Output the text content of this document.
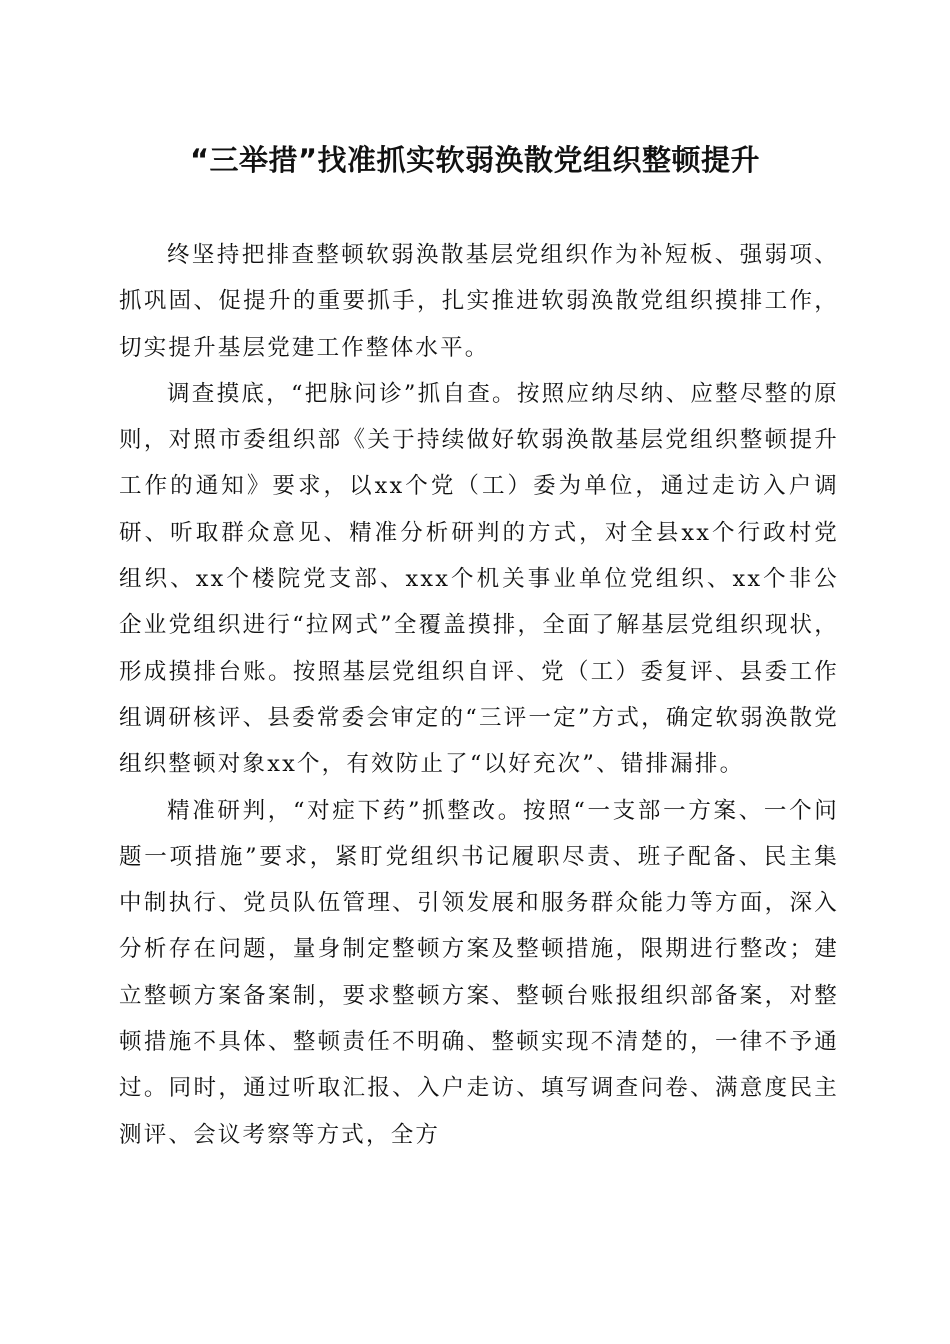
“三举措”找准抓实软弱涣散党组织整顿提升

终坚持把排查整顿软弱涣散基层党组织作为补短板、强弱项、抓巩固、促提升的重要抓手，扎实推进软弱涣散党组织摸排工作，切实提升基层党建工作整体水平。

调查摸底，“把脉问诊”抓自查。按照应纳尽纳、应整尽整的原则，对照市委组织部《关于持续做好软弱涣散基层党组织整顿提升工作的通知》要求，以xx个党（工）委为单位，通过走访入户调研、听取群众意见、精准分析研判的方式，对全县xx个行政村党组织、xx个楼院党支部、xxx个机关事业单位党组织、xx个非公企业党组织进行“拉网式”全覆盖摸排，全面了解基层党组织现状，形成摸排台账。按照基层党组织自评、党（工）委复评、县委工作组调研核评、县委常委会审定的“三评一定”方式，确定软弱涣散党组织整顿对象xx个，有效防止了“以好充次”、错排漏排。

精准研判，“对症下药”抓整改。按照“一支部一方案、一个问题一项措施”要求，紧盯党组织书记履职尽责、班子配备、民主集中制执行、党员队伍管理、引领发展和服务群众能力等方面，深入分析存在问题，量身制定整顿方案及整顿措施，限期进行整改；建立整顿方案备案制，要求整顿方案、整顿台账报组织部备案，对整顿措施不具体、整顿责任不明确、整顿实现不清楚的，一律不予通过。同时，通过听取汇报、入户走访、填写调查问卷、满意度民主测评、会议考察等方式，全方
